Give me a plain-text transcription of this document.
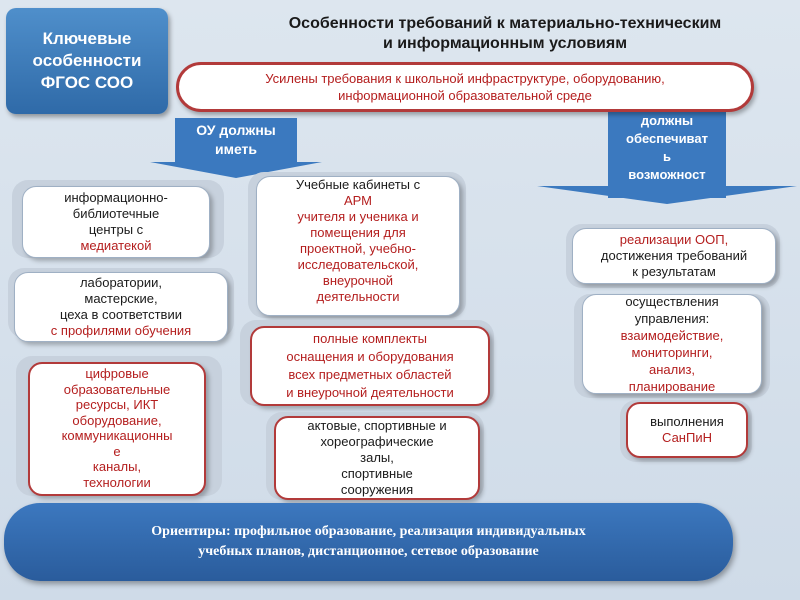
Ключевые
особенности
ФГОС СОО
Особенности требований к материально-техническим
и информационным условиям
должны
обеспечиват
ь
возможност
ь
Усилены требования к школьной инфраструктуре, оборудованию,
информационной образовательной среде
ОУ должны
иметь
информационно-
библиотечные
центры с
медиатекой
лаборатории,
мастерские,
цеха в соответствии
с профилями обучения
цифровые
образовательные
ресурсы, ИКТ
оборудование,
коммуникационны
е
каналы,
технологии
Учебные кабинеты с
АРМ
учителя и ученика и
помещения для
проектной, учебно-
исследовательской,
внеурочной
деятельности
полные комплекты
оснащения и оборудования
всех предметных областей
и внеурочной деятельности
актовые, спортивные и
хореографические
залы,
спортивные
сооружения
реализации ООП,
достижения требований
к результатам
осуществления
управления:
взаимодействие,
мониторинги,
анализ,
планирование
выполнения
СанПиН
Ориентиры: профильное образование, реализация индивидуальных
учебных планов, дистанционное, сетевое образование
